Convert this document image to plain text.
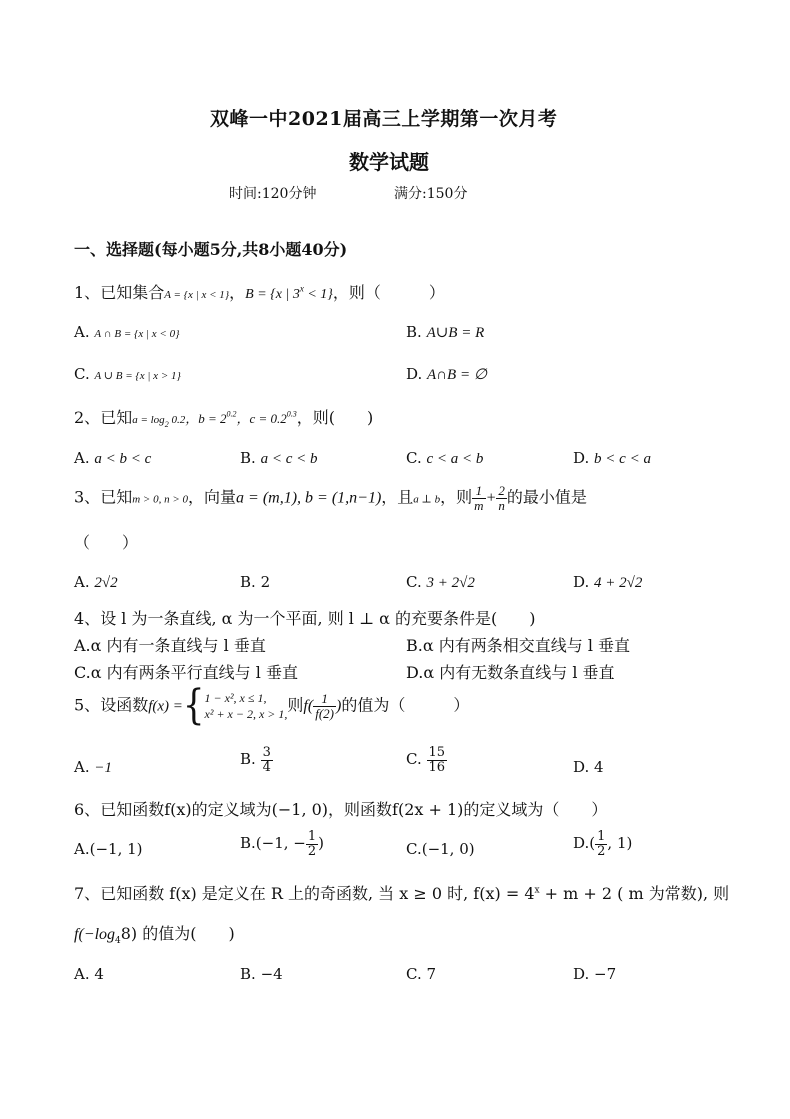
双峰一中2021届高三上学期第一次月考
数学试题
时间:120分钟	满分:150分
一、选择题(每小题5分,共8小题40分)
1、已知集合A = {x | x < 1}，B = {x | $3^x < 1$}，则（　　　）
A. A ∩ B = {x | x < 0}	B. A∪B = R
C. A ∪ B = {x | x > 1}	D. A∩B = ∅
2、已知$a = \log_2 0.2$，$b = 2^{0.2}$，$c = 0.2^{0.3}$，则(　　)
A. a < b < c	B. a < c < b	C. c < a < b	D. b < c < a
3、已知m > 0, n > 0，向量a = (m,1), b = (1,n−1)，且a ⊥ b，则 $\frac{1}{m} + \frac{2}{n}$ 的最小值是
（　　）
A. 2√2	B. 2	C. 3 + 2√2	D. 4 + 2√2
4、设 l 为一条直线, α 为一个平面, 则 l ⊥ α 的充要条件是(　　)
A.α 内有一条直线与 l 垂直	B.α 内有两条相交直线与 l 垂直
C.α 内有两条平行直线与 l 垂直	D.α 内有无数条直线与 l 垂直
5、设函数f(x) ={ 1 − x², x ≤ 1,
x² + x − 2, x > 1, 则$f( \frac{1}{f(2)}$ )的值为（　　　）
A. −1	B. $\frac{3}{4}$	C. $\frac{15}{16}$	D. 4
6、已知函数f(x)的定义域为(−1, 0)，则函数f(2x + 1)的定义域为（　　）
A.(−1, 1)	B.(−1, − $\frac{1}{2}$ )	C.(−1, 0)	$D.( \frac{1}{2}$ , 1)
7、已知函数 f(x) 是定义在 R 上的奇函数, 当 x ≥ 0 时, $f(x) = 4^x + m + 2$ ( m 为常数), 则
$f(-\log_48)$ 的值为(　　)
A. 4	B. −4	C. 7	D. −7
